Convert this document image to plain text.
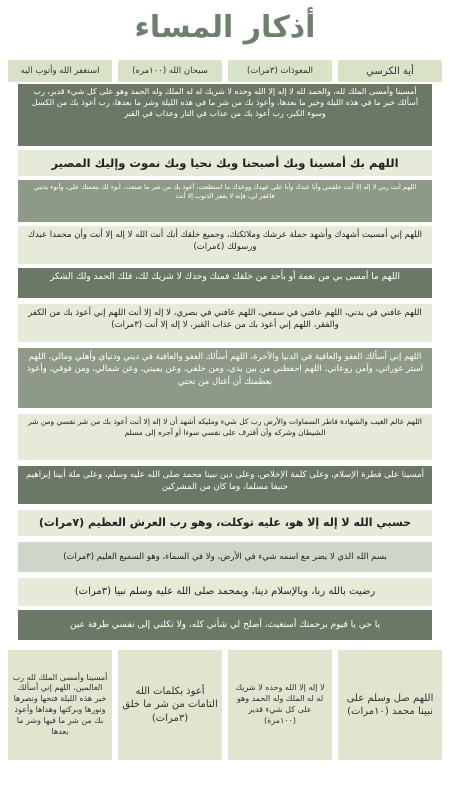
أذكار المساء
أية الكرسي
المعوذات (٣مرات)
سبحان الله (١٠٠مره)
استغفر الله وأتوب اليه
أمسينا وأمسى الملك لله، والحمد لله لا إله إلا الله وحده لا شريك له له الملك وله الحمد وهو على كل شيء قدير، رب أسألك خير ما في هذه الليلة وخير ما بعدها، وأعوذ بك من شر ما في هذه الليلة وشر ما بعدها، رب أعوذ بك من الكسل وسوء الكبر، رب أعوذ بك من عذاب في النار وعذاب في القبر
اللهم بك أمسينا وبك أصبحنا وبك نحيا وبك نموت وإليك المصير
اللهم أنت ربي لا إله إلا أنت خلقتني وأنا عبدك وأنا على عهدك ووعدك ما استطعت، أعوذ بك من شر ما صنعت، أبوء لك بنعمتك علي، وأبوء بذنبي فاغفر لي، فإنه لا يغفر الذنوب إلا أنت
اللهم إني أمسيت أشهدك وأشهد حملة عرشك وملائكتك، وجميع خلقك أنك أنت الله لا إله إلا أنت وأن محمدا عبدك ورسولك (٤مرات)
اللهم ما أمسى بي من نعمة أو بأحد من خلقك فمنك وحدك لا شريك لك، فلك الحمد ولك الشكر
اللهم عافني في بدني، اللهم عافني في سمعي، اللهم عافني في بصري، لا إله إلا أنت اللهم إني أعوذ بك من الكفر والفقر، اللهم إني أعوذ بك من عذاب القبر، لا إله إلا أنت (٣مرات)
اللهم إني أسألك العفو والعافية في الدنيا والآخرة، اللهم أسألك العفو والعافية في ديني ودنياي وأهلي ومالي، اللهم استر عوراتي، وآمن روعاتي، اللهم احفظني من بين يدي، ومن خلفي، وعن يميني، وعن شمالي، ومن فوقي، وأعوذ بعظمتك أن أغتال من تحتي
اللهم عالم الغيب والشهادة فاطر السماوات والأرض رب كل شيء ومليكه أشهد أن لا إله إلا أنت أعوذ بك من شر نفسي ومن شر الشيطان وشركه وأن أقترف على نفسي سوءا أو أجره إلى مسلم
أمسينا على فطرة الإسلام، وعلى كلمة الإخلاص، وعلى دين نبينا محمد صلى الله عليه وسلم، وعلى ملة أبينا إبراهيم حنيفا مسلما، وما كان من المشركين
حسبي الله لا إله إلا هو، عليه توكلت، وهو رب العرش العظيم (٧مرات)
بسم الله الذي لا يضر مع اسمه شيء في الأرض، ولا في السماء، وهو السميع العليم (٣مرات)
رضيت بالله ربا، وبالإسلام دينا، وبمحمد صلى الله عليه وسلم نبيا (٣مرات)
يا حي يا قيوم برحمتك أستغيث، أصلح لي شأني كله، ولا تكلني إلى نفسي طرفة عين
اللهم صل وسلم على نبينا محمد (١٠مرات)
لا إله إلا الله وحده لا شريك له له الملك وله الحمد وهو على كل شيء قدير (١٠٠مرة)
أعوذ بكلمات الله التامات من شر ما خلق (٣مرات)
أمسينا وأمسى الملك لله رب العالمين، اللهم إني أسألك خير هذه الليلة فتحها ونصرها ونورها وبركتها وهداها وأعوذ بك من شر ما فيها وشر ما بعدها
